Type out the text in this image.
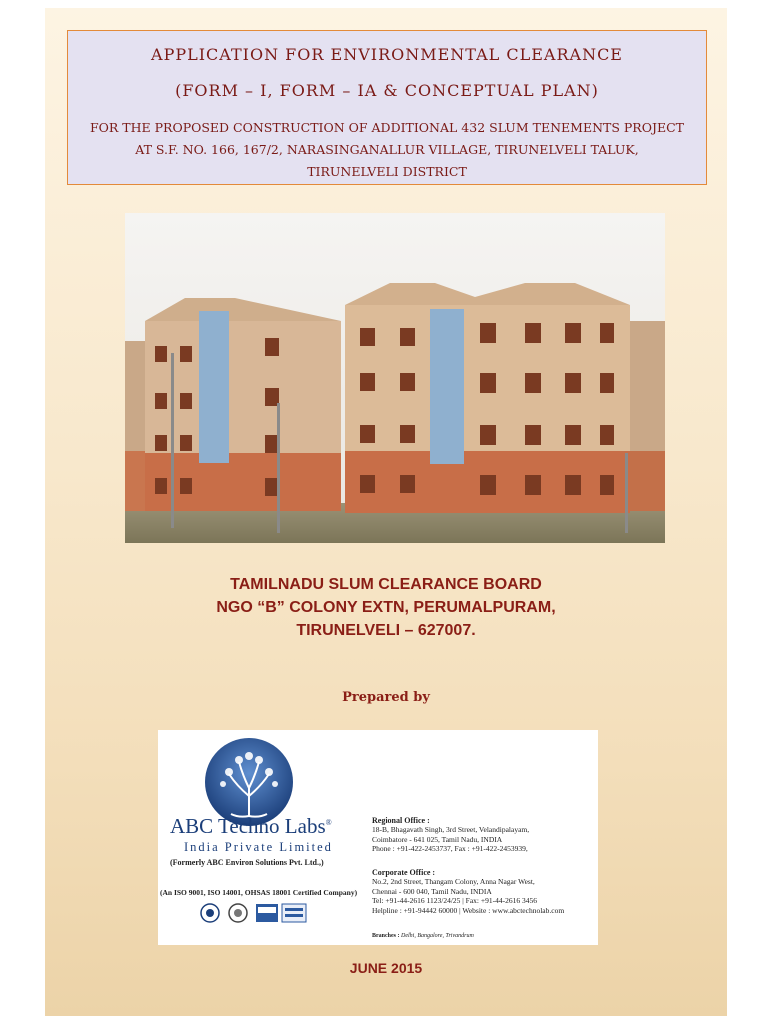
APPLICATION FOR ENVIRONMENTAL CLEARANCE
(FORM – I, FORM – IA & CONCEPTUAL PLAN)
FOR THE PROPOSED CONSTRUCTION OF ADDITIONAL 432 SLUM TENEMENTS PROJECT AT S.F. NO. 166, 167/2, NARASINGANALLUR VILLAGE, TIRUNELVELI TALUK, TIRUNELVELI DISTRICT
TAMILNADU SLUM CLEARANCE BOARD
NGO “B” COLONY EXTN, PERUMALPURAM,
TIRUNELVELI – 627007.
Prepared by
ABC Techno Labs®
India Private Limited
(Formerly ABC Environ Solutions Pvt. Ltd.,)
(An ISO 9001, ISO 14001, OHSAS 18001 Certified Company)
Regional Office :
18-B, Bhagavath Singh, 3rd Street, Velandipalayam,
Coimbatore - 641 025, Tamil Nadu, INDIA
Phone : +91-422-2453737, Fax : +91-422-2453939,
Corporate Office :
No.2, 2nd Street, Thangam Colony, Anna Nagar West,
Chennai - 600 040, Tamil Nadu, INDIA
Tel: +91-44-2616 1123/24/25 | Fax: +91-44-2616 3456
Helpline : +91-94442 60000 | Website : www.abctechnolab.com
Branches : Delhi, Bangalore, Trivandrum
JUNE 2015
